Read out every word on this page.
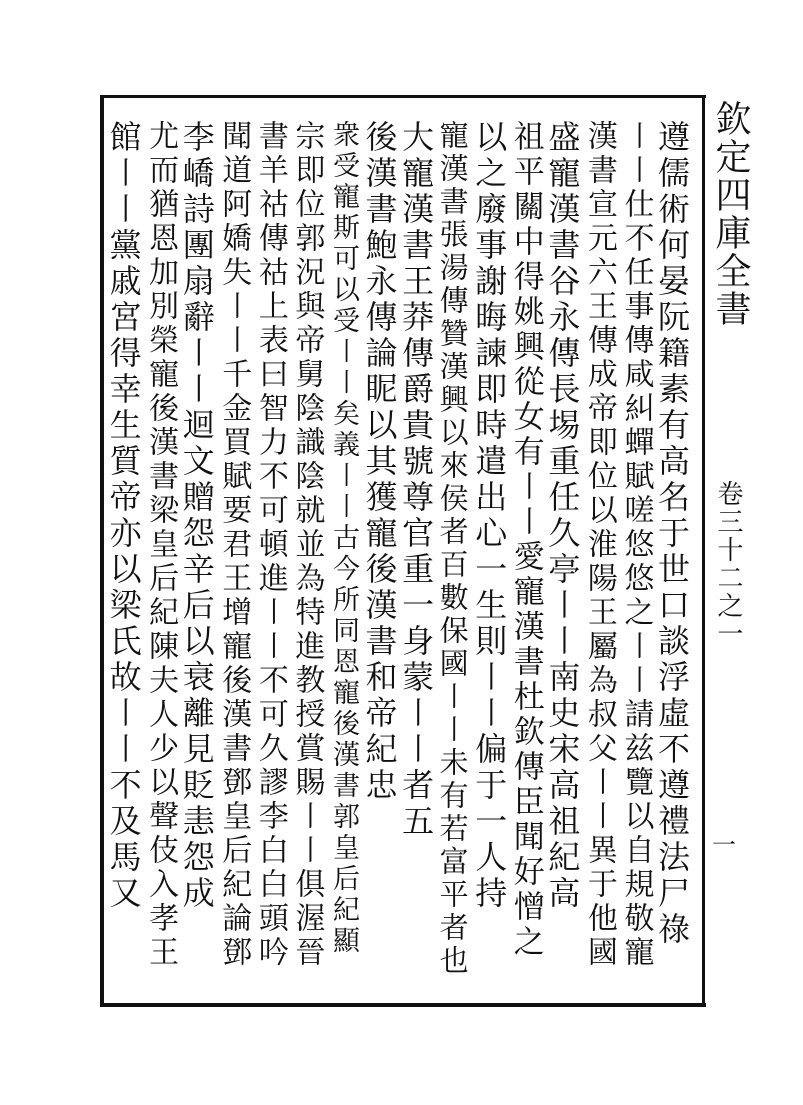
欽定四庫全書
卷三十二之一
一
遵儒術何晏阮籍素有高名于世口談浮虛不遵禮法尸祿
〡〡仕不任事傳咸糾蟬賦嗟悠悠之〡〡請兹覽以自規敬寵
漢書宣元六王傳成帝即位以淮陽王屬為叔父〡〡異于他國
盛寵漢書谷永傳長埸重任久亭〡〡南史宋高祖紀高
祖平關中得姚興從女有〡〡愛寵漢書杜欽傳臣聞好憎之
以之廢事謝晦諫即時遣出心一生則〡〡偏于一人持
寵漢書張湯傳贊漢興以來侯者百數保國〡〡未有若富平者也
大寵漢書王莽傳爵貴號尊官重一身蒙〡〡者五
後漢書鮑永傳論眤以其獲寵後漢書和帝紀忠
衆受寵斯可以受〡〡矣義〡〡古今所同恩寵後漢書郭皇后紀顯
宗即位郭況與帝舅陰識陰就並為特進教授賞賜〡〡俱渥晉
書羊祜傳祜上表曰智力不可頓進〡〡不可久謬李白白頭吟
聞道阿嬌失〡〡千金買賦要君王增寵後漢書鄧皇后紀論鄧
李嶠詩團扇辭〡〡迴文贈怨辛后以衰離見貶恚怨成
尤而猶恩加別榮寵後漢書梁皇后紀陳夫人少以聲伎入孝王
館〡〡黨戚宮得幸生質帝亦以梁氏故〡〡不及馬又
